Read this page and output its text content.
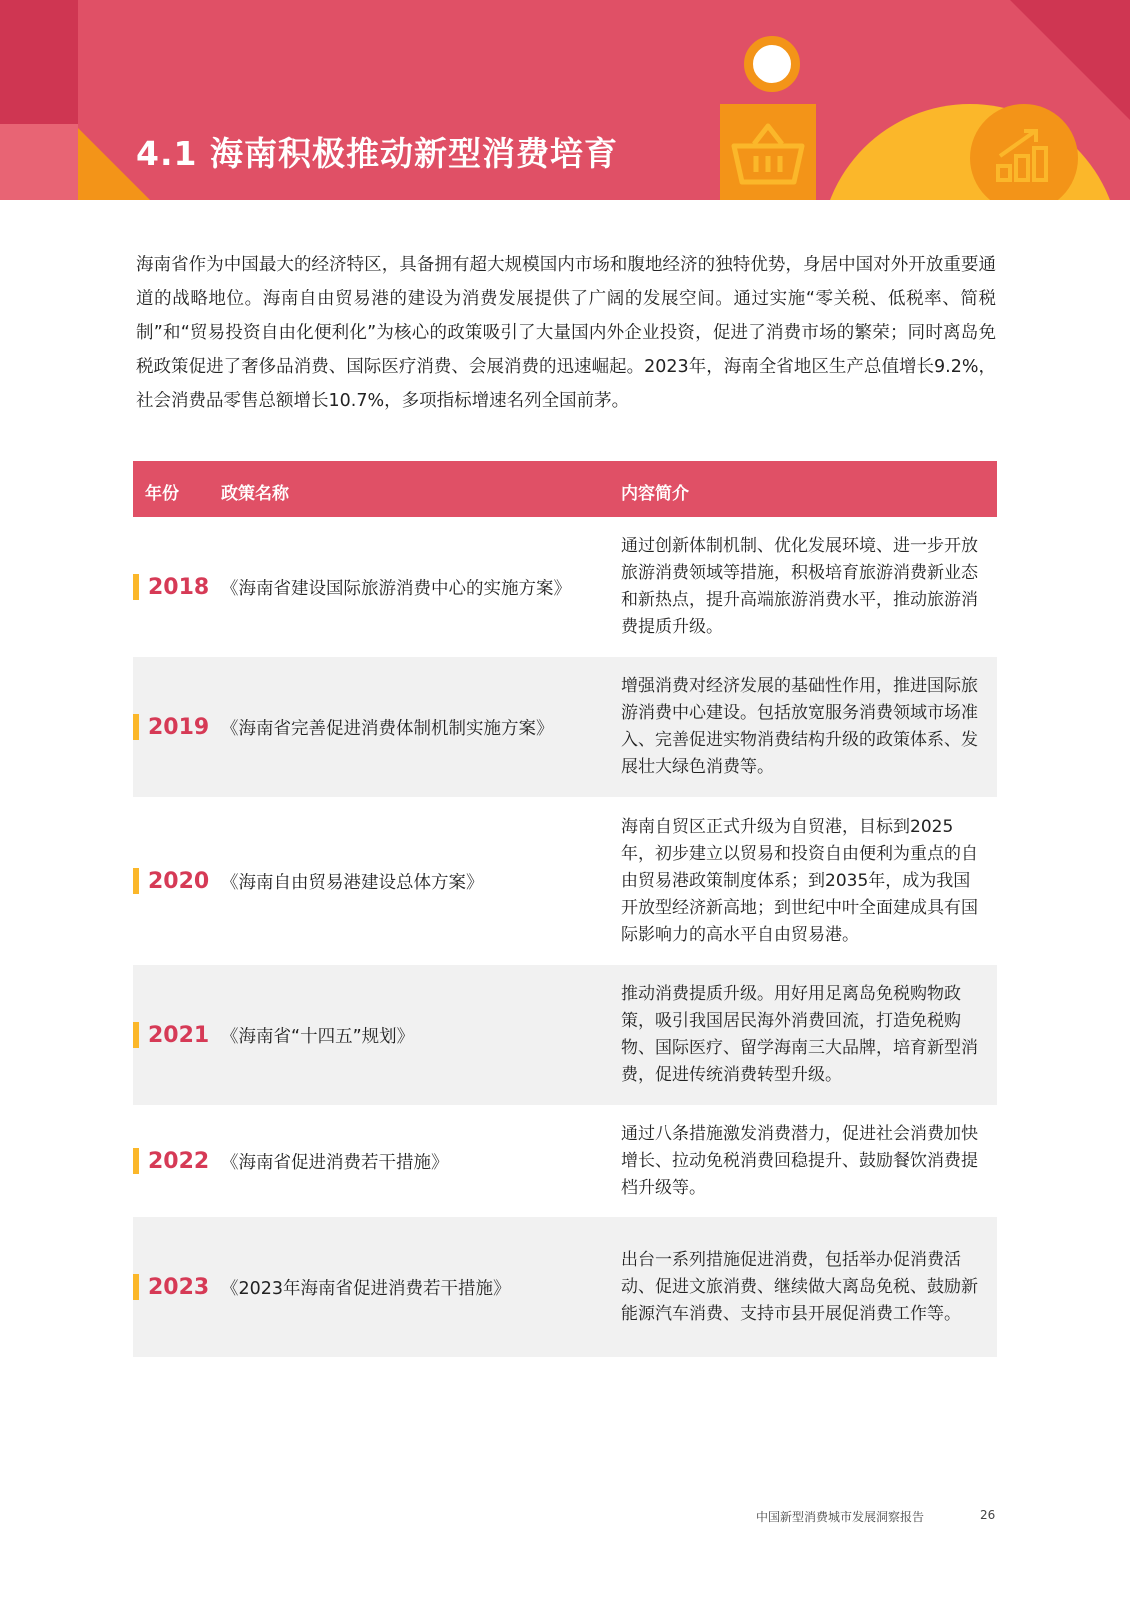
4.1 海南积极推动新型消费培育

海南省作为中国最大的经济特区，具备拥有超大规模国内市场和腹地经济的独特优势，身居中国对外开放重要通道的战略地位。海南自由贸易港的建设为消费发展提供了广阔的发展空间。通过实施“零关税、低税率、简税制”和“贸易投资自由化便利化”为核心的政策吸引了大量国内外企业投资，促进了消费市场的繁荣；同时离岛免税政策促进了奢侈品消费、国际医疗消费、会展消费的迅速崛起。2023年，海南全省地区生产总值增长9.2%，社会消费品零售总额增长10.7%，多项指标增速名列全国前茅。

年份 政策名称	内容简介
2018 《海南省建设国际旅游消费中心的实施方案》
通过创新体制机制、优化发展环境、进一步开放旅游消费领域等措施，积极培育旅游消费新业态和新热点，提升高端旅游消费水平，推动旅游消费提质升级。
2019 《海南省完善促进消费体制机制实施方案》
增强消费对经济发展的基础性作用，推进国际旅游消费中心建设。包括放宽服务消费领域市场准入、完善促进实物消费结构升级的政策体系、发展壮大绿色消费等。
2020 《海南自由贸易港建设总体方案》
海南自贸区正式升级为自贸港，目标到2025年，初步建立以贸易和投资自由便利为重点的自由贸易港政策制度体系；到2035年，成为我国开放型经济新高地；到世纪中叶全面建成具有国际影响力的高水平自由贸易港。
2021 《海南省“十四五”规划》
推动消费提质升级。用好用足离岛免税购物政策，吸引我国居民海外消费回流，打造免税购物、国际医疗、留学海南三大品牌，培育新型消费，促进传统消费转型升级。
2022 《海南省促进消费若干措施》
通过八条措施激发消费潜力，促进社会消费加快增长、拉动免税消费回稳提升、鼓励餐饮消费提档升级等。
2023 《2023年海南省促进消费若干措施》
出台一系列措施促进消费，包括举办促消费活动、促进文旅消费、继续做大离岛免税、鼓励新能源汽车消费、支持市县开展促消费工作等。
中国新型消费城市发展洞察报告	26
